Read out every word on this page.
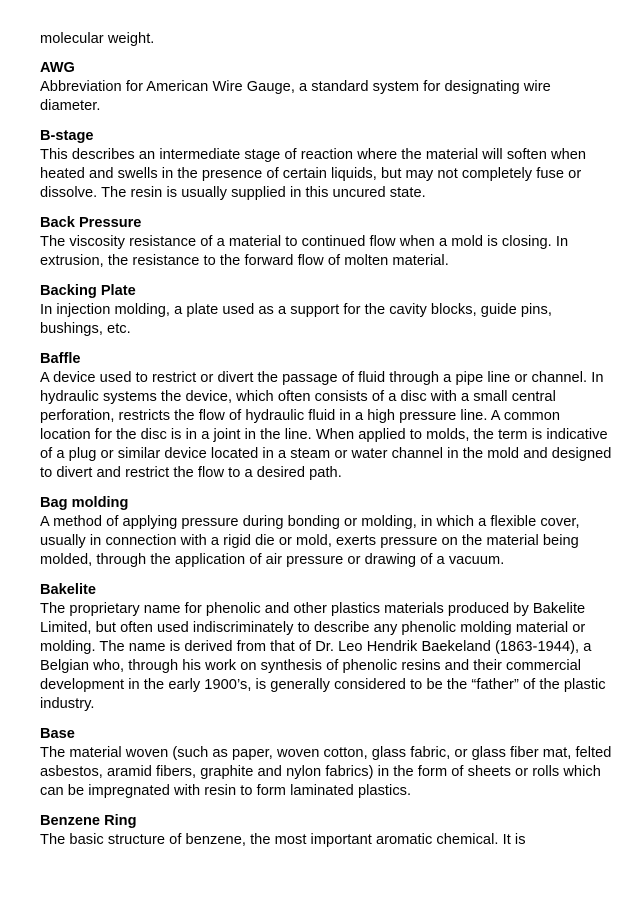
molecular weight.

AWG

Abbreviation for American Wire Gauge, a standard system for designating wire diameter.

B-stage

This describes an intermediate stage of reaction where the material will soften when heated and swells in the presence of certain liquids, but may not completely fuse or dissolve. The resin is usually supplied in this uncured state.

Back Pressure

The viscosity resistance of a material to continued flow when a mold is closing. In extrusion, the resistance to the forward flow of molten material.

Backing Plate

In injection molding, a plate used as a support for the cavity blocks, guide pins, bushings, etc.

Baffle

A device used to restrict or divert the passage of fluid through a pipe line or channel. In hydraulic systems the device, which often consists of a disc with a small central perforation, restricts the flow of hydraulic fluid in a high pressure line. A common location for the disc is in a joint in the line. When applied to molds, the term is indicative of a plug or similar device located in a steam or water channel in the mold and designed to divert and restrict the flow to a desired path.

Bag molding

A method of applying pressure during bonding or molding, in which a flexible cover, usually in connection with a rigid die or mold, exerts pressure on the material being molded, through the application of air pressure or drawing of a vacuum.

Bakelite

The proprietary name for phenolic and other plastics materials produced by Bakelite Limited, but often used indiscriminately to describe any phenolic molding material or molding. The name is derived from that of Dr. Leo Hendrik Baekeland (1863-1944), a Belgian who, through his work on synthesis of phenolic resins and their commercial development in the early 1900’s, is generally considered to be the “father” of the plastic industry.

Base

The material woven (such as paper, woven cotton, glass fabric, or glass fiber mat, felted asbestos, aramid fibers, graphite and nylon fabrics) in the form of sheets or rolls which can be impregnated with resin to form laminated plastics.

Benzene Ring

The basic structure of benzene, the most important aromatic chemical. It is
